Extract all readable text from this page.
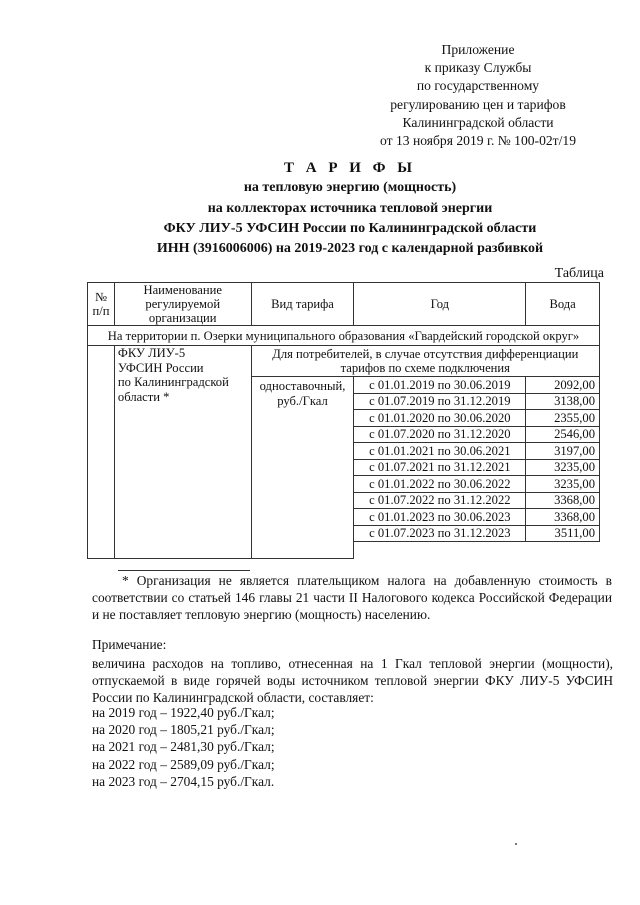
Приложение
к приказу Службы
по государственному
регулированию цен и тарифов
Калининградской области
от 13 ноября 2019 г. № 100-02т/19
Т А Р И Ф Ы
на тепловую энергию (мощность)
на коллекторах источника тепловой энергии
ФКУ ЛИУ-5 УФСИН России по Калининградской области
ИНН (3916006006) на 2019-2023 год с календарной разбивкой
Таблица
№ п/п	Наименование регулируемой организации	Вид тарифа	Год	Вода
На территории п. Озерки муниципального образования «Гвардейский городской округ»				

	ФКУ ЛИУ-5
УФСИН России
по Калининградской
области *	Для потребителей, в случае отсутствия дифференциации тарифов по схеме подключения		

		одноставочный,
руб./Гкал	с 01.01.2019 по 30.06.2019	2092,00
			с 01.07.2019 по 31.12.2019	3138,00
			с 01.01.2020 по 30.06.2020	2355,00
			с 01.07.2020 по 31.12.2020	2546,00
			с 01.01.2021 по 30.06.2021	3197,00
			с 01.07.2021 по 31.12.2021	3235,00
			с 01.01.2022 по 30.06.2022	3235,00
			с 01.07.2022 по 31.12.2022	3368,00
			с 01.01.2023 по 30.06.2023	3368,00
			с 01.07.2023 по 31.12.2023	3511,00

* Организация не является плательщиком налога на добавленную стоимость в соответствии со статьей 146 главы 21 части II Налогового кодекса Российской Федерации и не поставляет тепловую энергию (мощность) населению.
Примечание:
величина расходов на топливо, отнесенная на 1 Гкал тепловой энергии (мощности), отпускаемой в виде горячей воды источником тепловой энергии ФКУ ЛИУ-5 УФСИН России по Калининградской области, составляет:
на 2019 год – 1922,40 руб./Гкал;
на 2020 год – 1805,21 руб./Гкал;
на 2021 год – 2481,30 руб./Гкал;
на 2022 год – 2589,09 руб./Гкал;
на 2023 год – 2704,15 руб./Гкал.
